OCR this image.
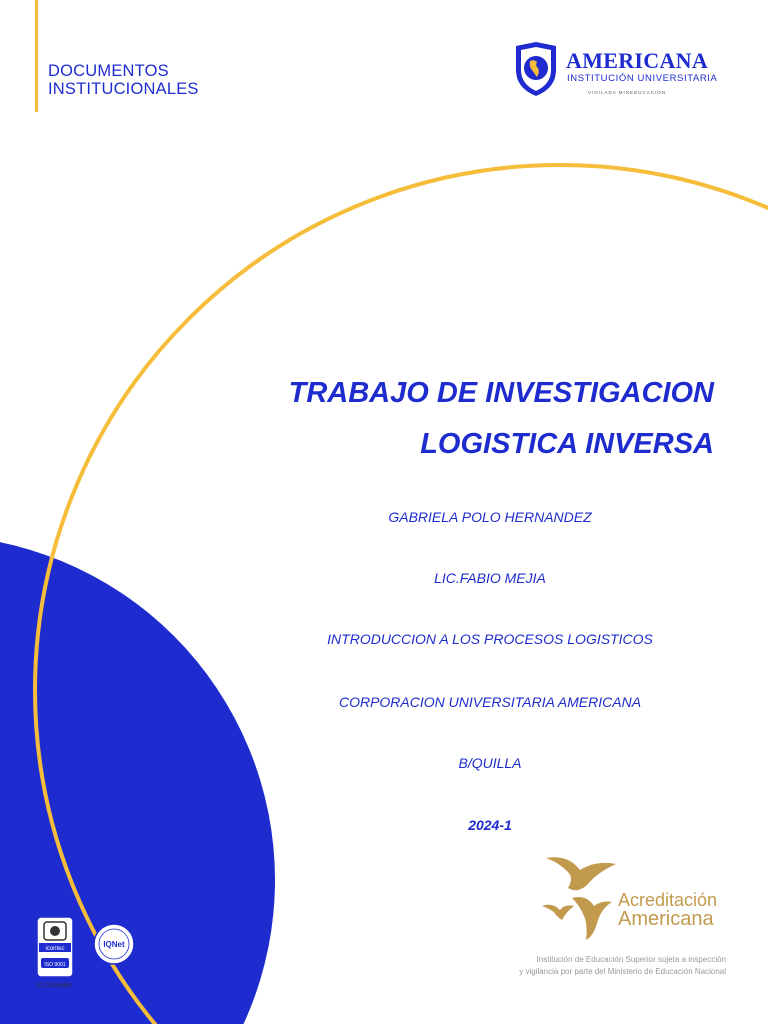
DOCUMENTOS
INSTITUCIONALES
AMERICANA
INSTITUCIÓN UNIVERSITARIA
VIGILADA MINEDUCACIÓN
TRABAJO DE INVESTIGACION
LOGISTICA INVERSA
GABRIELA POLO HERNANDEZ
LIC.FABIO MEJIA
INTRODUCCION A LOS PROCESOS LOGISTICOS
CORPORACION UNIVERSITARIA AMERICANA
B/QUILLA
2024-1
Acreditación
Americana
Institución de Educación Superior sujeta a inspección
y vigilancia por parte del Ministerio de Educación Nacional
icontec
ISO 9001
IQNet
SC-CER148880
